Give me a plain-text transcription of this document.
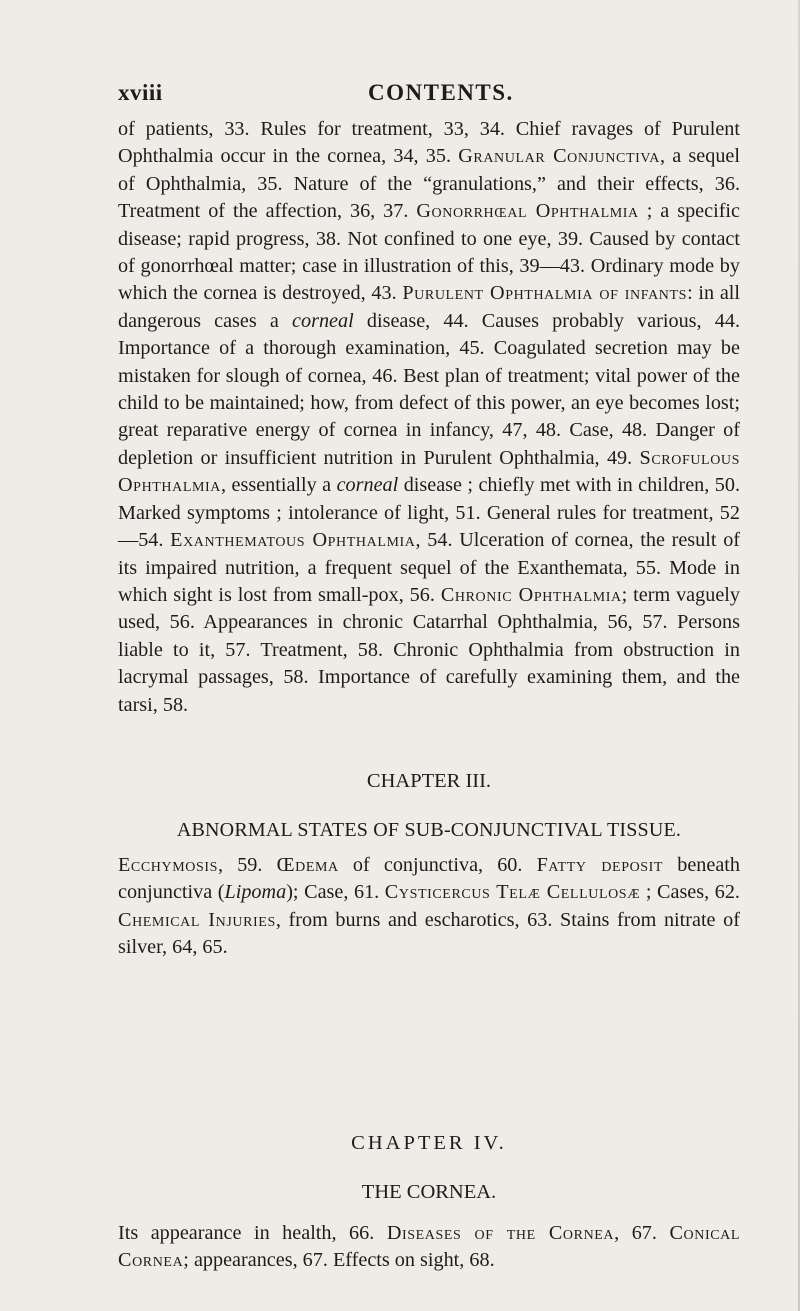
xviii	CONTENTS.

of patients, 33. Rules for treatment, 33, 34. Chief ravages of Purulent Ophthalmia occur in the cornea, 34, 35. Granular Conjunctiva, a sequel of Ophthalmia, 35. Nature of the “granulations,” and their effects, 36. Treatment of the affection, 36, 37. Gonorrhœal Ophthalmia ; a specific disease; rapid progress, 38. Not confined to one eye, 39. Caused by contact of gonorrhœal matter; case in illustration of this, 39—43. Ordinary mode by which the cornea is destroyed, 43. Purulent Ophthalmia of infants: in all dangerous cases a corneal disease, 44. Causes probably various, 44. Importance of a thorough examination, 45. Coagulated secretion may be mistaken for slough of cornea, 46. Best plan of treatment; vital power of the child to be maintained; how, from defect of this power, an eye becomes lost; great reparative energy of cornea in infancy, 47, 48. Case, 48. Danger of depletion or insufficient nutrition in Purulent Ophthalmia, 49. Scrofulous Ophthalmia, essentially a corneal disease ; chiefly met with in children, 50. Marked symptoms ; intolerance of light, 51. General rules for treatment, 52—54. Exanthematous Ophthalmia, 54. Ulceration of cornea, the result of its impaired nutrition, a frequent sequel of the Exanthemata, 55. Mode in which sight is lost from small-pox, 56. Chronic Ophthalmia; term vaguely used, 56. Appearances in chronic Catarrhal Ophthalmia, 56, 57. Persons liable to it, 57. Treatment, 58. Chronic Ophthalmia from obstruction in lacrymal passages, 58. Importance of carefully examining them, and the tarsi, 58.

CHAPTER III.
ABNORMAL STATES OF SUB-CONJUNCTIVAL TISSUE.

Ecchymosis, 59. Œdema of conjunctiva, 60. Fatty deposit beneath conjunctiva (Lipoma); Case, 61. Cysticercus Telæ Cellulosæ ; Cases, 62. Chemical Injuries, from burns and escharotics, 63. Stains from nitrate of silver, 64, 65.

CHAPTER IV.
THE CORNEA.

Its appearance in health, 66. Diseases of the Cornea, 67. Conical Cornea; appearances, 67. Effects on sight, 68.
